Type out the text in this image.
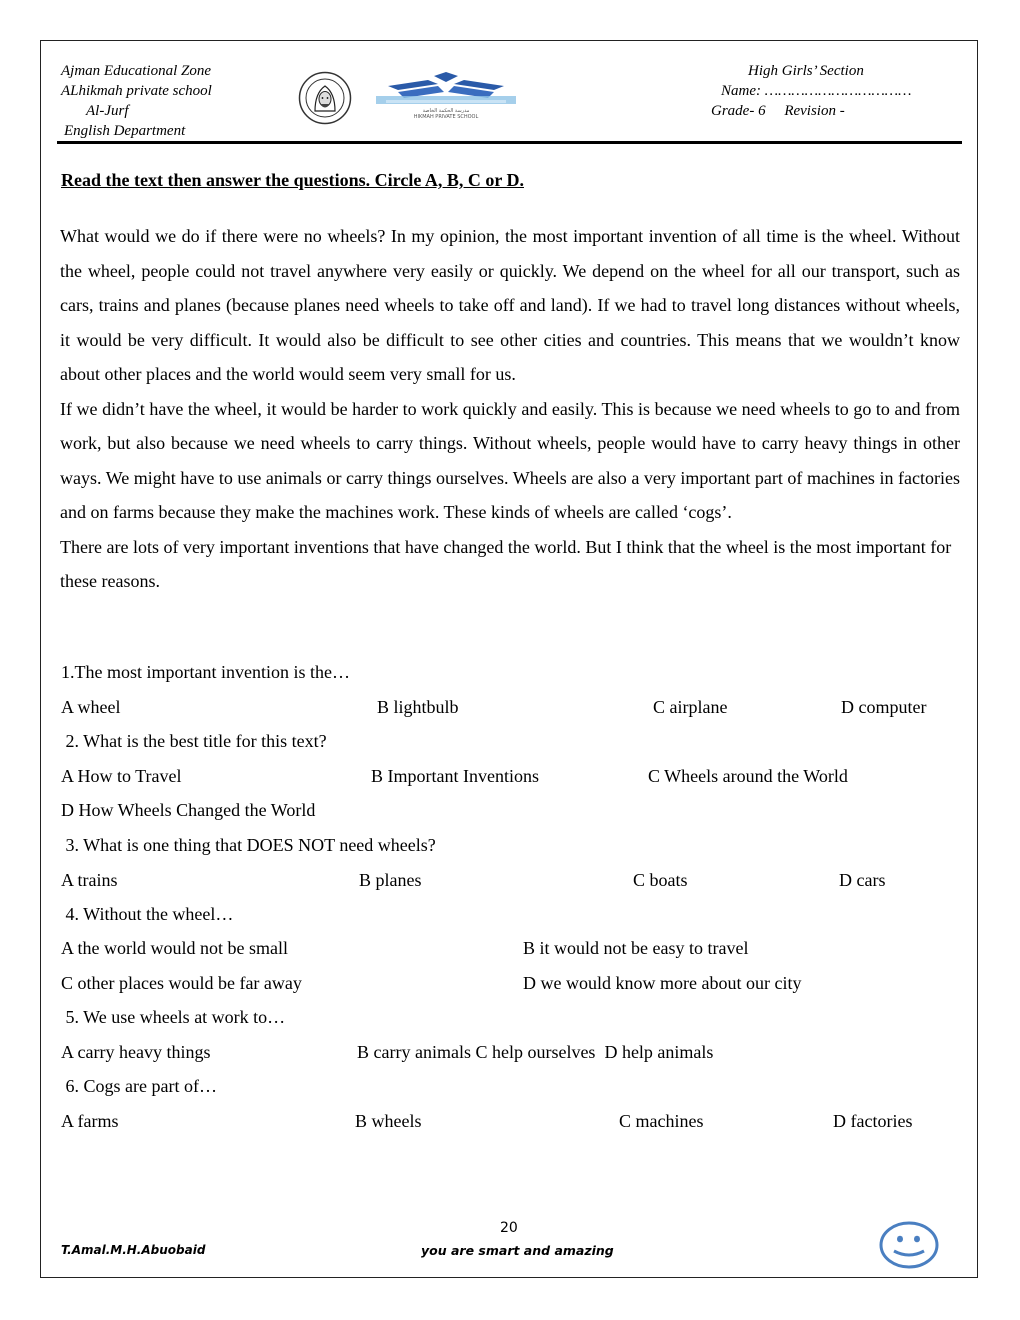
Ajman Educational Zone
ALhikmah private school
Al-Jurf
English Department
مدرسة الحكمة الخاصة
HIKMAH PRIVATE SCHOOL
High Girls’ Section
Name: ……………………………
Grade- 6     Revision -
Read the text then answer the questions. Circle A, B, C or D.

What would we do if there were no wheels? In my opinion, the most important invention of all time is the wheel. Without the wheel, people could not travel anywhere very easily or quickly. We depend on the wheel for all our transport, such as cars, trains and planes (because planes need wheels to take off and land). If we had to travel long distances without wheels, it would be very difficult. It would also be difficult to see other cities and countries. This means that we wouldn’t know about other places and the world would seem very small for us.

If we didn’t have the wheel, it would be harder to work quickly and easily. This is because we need wheels to go to and from work, but also because we need wheels to carry things. Without wheels, people would have to carry heavy things in other ways. We might have to use animals or carry things ourselves. Wheels are also a very important part of machines in factories and on farms because they make the machines work. These kinds of wheels are called ‘cogs’.

There are lots of very important inventions that have changed the world. But I think that the wheel is the most important for these reasons.

1.The most important invention is the…
A wheel	B lightbulb	C airplane	D computer
2. What is the best title for this text?
A How to Travel	B Important Inventions	C Wheels around the World
D How Wheels Changed the World
3. What is one thing that DOES NOT need wheels?
A trains	B planes	C boats	D cars
4. Without the wheel…
A the world would not be small	B it would not be easy to travel
C other places would be far away	D we would know more about our city
5. We use wheels at work to…
A carry heavy things	B carry animals C help ourselves  D help animals
6. Cogs are part of…
A farms	B wheels	C machines	D factories
20
T.Amal.M.H.Abuobaid	you are smart and amazing
